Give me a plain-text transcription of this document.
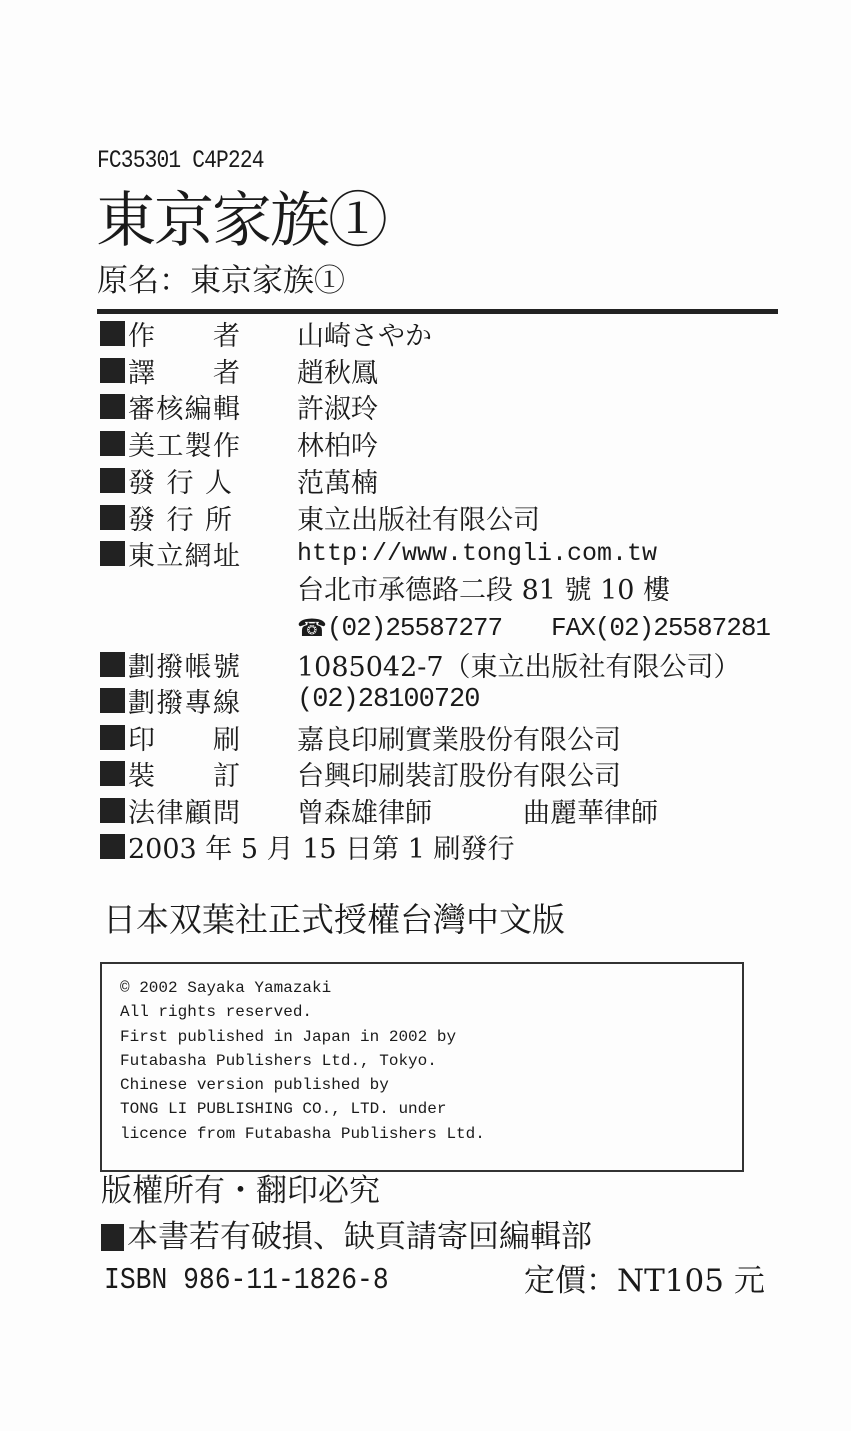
FC35301 C4P224
東京家族①
原名：東京家族①
作者 山崎さやか
譯者 趙秋鳳
審核編輯 許淑玲
美工製作 林柏吟
發行人 范萬楠
發行所 東立出版社有限公司
東立網址 http://www.tongli.com.tw
台北市承德路二段 81 號 10 樓
☎ (02)25587277 FAX(02)25587281
劃撥帳號 1085042-7（東立出版社有限公司）
劃撥專線 (02)28100720
印刷 嘉良印刷實業股份有限公司
裝訂 台興印刷裝訂股份有限公司
法律顧問 曾森雄律師	曲麗華律師
2003 年 5 月 15 日第 1 刷發行
日本双葉社正式授權台灣中文版
© 2002 Sayaka Yamazaki
All rights reserved.
First published in Japan in 2002 by
Futabasha Publishers Ltd., Tokyo.
Chinese version published by
TONG LI PUBLISHING CO., LTD. under
licence from Futabasha Publishers Ltd.
版權所有・翻印必究
本書若有破損、缺頁請寄回編輯部
ISBN 986-11-1826-8	定價：NT105 元
